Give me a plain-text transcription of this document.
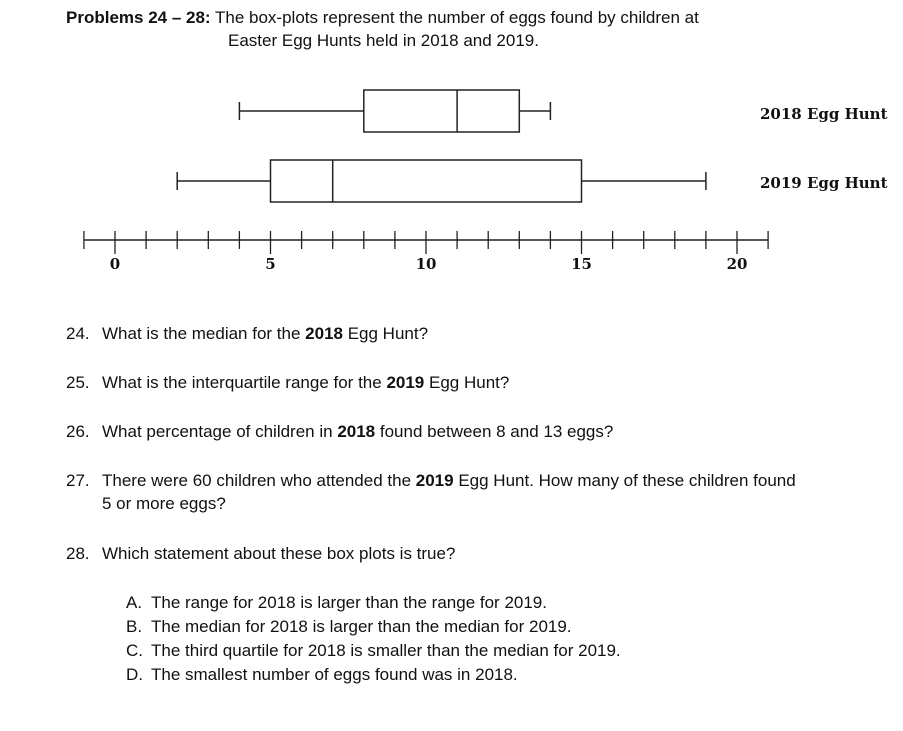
Problems 24 – 28: The box-plots represent the number of eggs found by children at
Easter Egg Hunts held in 2018 and 2019.
0	5	10	15	20
2018 Egg Hunt
2019 Egg Hunt
24. What is the median for the 2018 Egg Hunt?
25. What is the interquartile range for the 2019 Egg Hunt?
26. What percentage of children in 2018 found between 8 and 13 eggs?
27. There were 60 children who attended the 2019 Egg Hunt. How many of these children found
5 or more eggs?
28. Which statement about these box plots is true?
A. The range for 2018 is larger than the range for 2019.
B. The median for 2018 is larger than the median for 2019.
C. The third quartile for 2018 is smaller than the median for 2019.
D. The smallest number of eggs found was in 2018.
